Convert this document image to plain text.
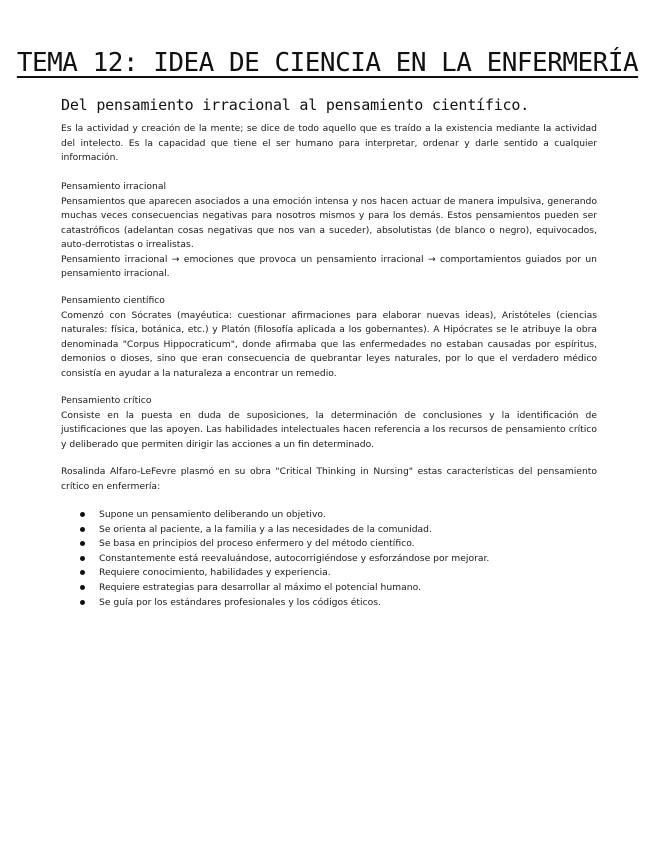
TEMA 12: IDEA DE CIENCIA EN LA ENFERMERÍA
Del pensamiento irracional al pensamiento científico.

Es la actividad y creación de la mente; se dice de todo aquello que es traído a la existencia mediante la actividad del intelecto. Es la capacidad que tiene el ser humano para interpretar, ordenar y darle sentido a cualquier información.

Pensamiento irracional

Pensamientos que aparecen asociados a una emoción intensa y nos hacen actuar de manera impulsiva, generando muchas veces consecuencias negativas para nosotros mismos y para los demás. Estos pensamientos pueden ser catastróficos (adelantan cosas negativas que nos van a suceder), absolutistas (de blanco o negro), equivocados, auto-derrotistas o irrealistas.

Pensamiento irracional → emociones que provoca un pensamiento irracional → comportamientos guiados por un pensamiento irracional.

Pensamiento científico

Comenzó con Sócrates (mayéutica: cuestionar afirmaciones para elaborar nuevas ideas), Aristóteles (ciencias naturales: física, botánica, etc.) y Platón (filosofía aplicada a los gobernantes). A Hipócrates se le atribuye la obra denominada "Corpus Hippocraticum", donde afirmaba que las enfermedades no estaban causadas por espíritus, demonios o dioses, sino que eran consecuencia de quebrantar leyes naturales, por lo que el verdadero médico consistía en ayudar a la naturaleza a encontrar un remedio.

Pensamiento crítico

Consiste en la puesta en duda de suposiciones, la determinación de conclusiones y la identificación de justificaciones que las apoyen. Las habilidades intelectuales hacen referencia a los recursos de pensamiento crítico y deliberado que permiten dirigir las acciones a un fin determinado.

Rosalinda Alfaro-LeFevre plasmó en su obra "Critical Thinking in Nursing" estas características del pensamiento crítico en enfermería:

Supone un pensamiento deliberando un objetivo.
Se orienta al paciente, a la familia y a las necesidades de la comunidad.
Se basa en principios del proceso enfermero y del método científico.
Constantemente está reevaluándose, autocorrigiéndose y esforzándose por mejorar.
Requiere conocimiento, habilidades y experiencia.
Requiere estrategias para desarrollar al máximo el potencial humano.
Se guía por los estándares profesionales y los códigos éticos.
